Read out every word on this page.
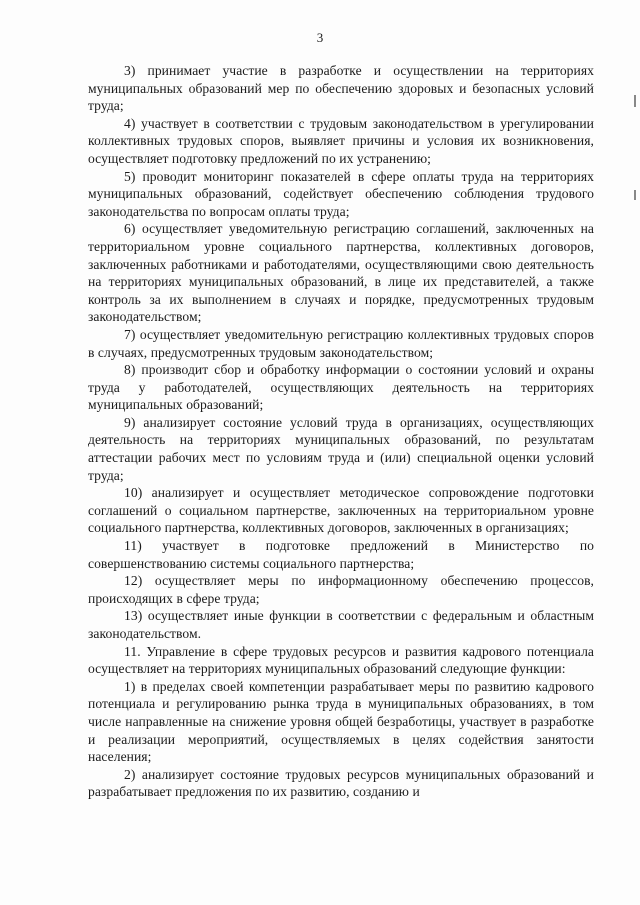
3

3) принимает участие в разработке и осуществлении на территориях муниципальных образований мер по обеспечению здоровых и безопасных условий труда;

4) участвует в соответствии с трудовым законодательством в урегулировании коллективных трудовых споров, выявляет причины и условия их возникновения, осуществляет подготовку предложений по их устранению;

5) проводит мониторинг показателей в сфере оплаты труда на территориях муниципальных образований, содействует обеспечению соблюдения трудового законодательства по вопросам оплаты труда;

6) осуществляет уведомительную регистрацию соглашений, заключенных на территориальном уровне социального партнерства, коллективных договоров, заключенных работниками и работодателями, осуществляющими свою деятельность на территориях муниципальных образований, в лице их представителей, а также контроль за их выполнением в случаях и порядке, предусмотренных трудовым законодательством;

7) осуществляет уведомительную регистрацию коллективных трудовых споров в случаях, предусмотренных трудовым законодательством;

8) производит сбор и обработку информации о состоянии условий и охраны труда у работодателей, осуществляющих деятельность на территориях муниципальных образований;

9) анализирует состояние условий труда в организациях, осуществляющих деятельность на территориях муниципальных образований, по результатам аттестации рабочих мест по условиям труда и (или) специальной оценки условий труда;

10) анализирует и осуществляет методическое сопровождение подготовки соглашений о социальном партнерстве, заключенных на территориальном уровне социального партнерства, коллективных договоров, заключенных в организациях;

11) участвует в подготовке предложений в Министерство по совершенствованию системы социального партнерства;

12) осуществляет меры по информационному обеспечению процессов, происходящих в сфере труда;

13) осуществляет иные функции в соответствии с федеральным и областным законодательством.

11. Управление в сфере трудовых ресурсов и развития кадрового потенциала осуществляет на территориях муниципальных образований следующие функции:

1) в пределах своей компетенции разрабатывает меры по развитию кадрового потенциала и регулированию рынка труда в муниципальных образованиях, в том числе направленные на снижение уровня общей безработицы, участвует в разработке и реализации мероприятий, осуществляемых в целях содействия занятости населения;

2) анализирует состояние трудовых ресурсов муниципальных образований и разрабатывает предложения по их развитию, созданию и
